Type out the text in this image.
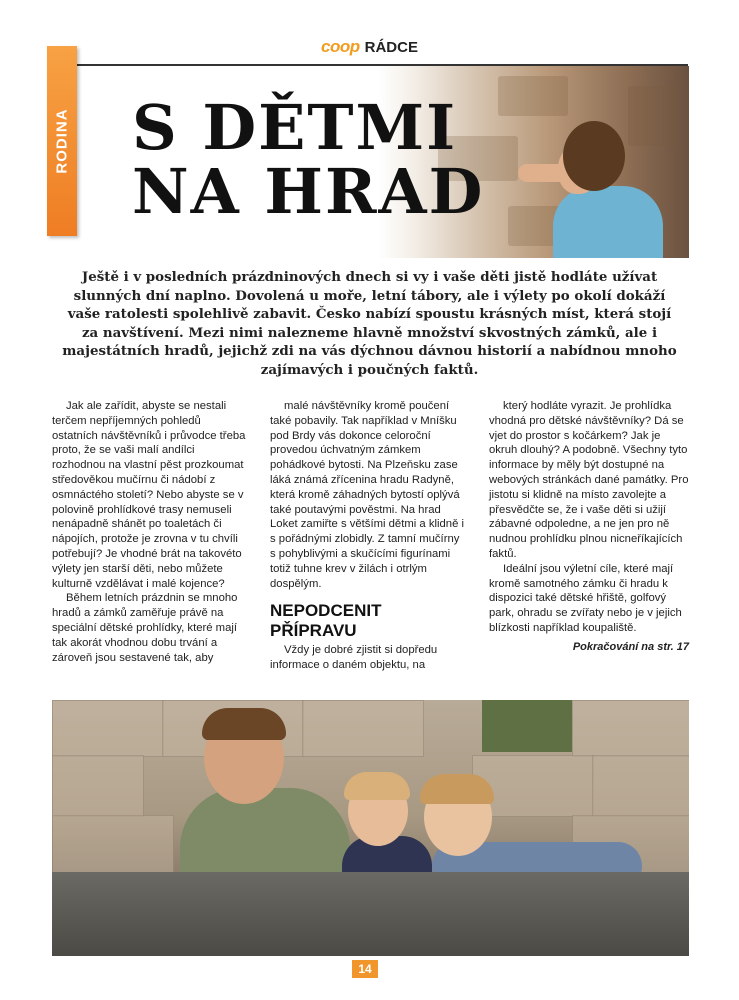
coop RÁDCE
RODINA S DĚTMI
NA HRAD

Ještě i v posledních prázdninových dnech si vy i vaše děti jistě hodláte užívat slunných dní naplno. Dovolená u moře, letní tábory, ale i výlety po okolí dokáží vaše ratolesti spolehlivě zabavit. Česko nabízí spoustu krásných míst, která stojí za navštívení. Mezi nimi nalezneme hlavně množství skvostných zámků, ale i majestátních hradů, jejichž zdi na vás dýchnou dávnou historií a nabídnou mnoho zajímavých i poučných faktů.

Jak ale zařídit, abyste se nestali terčem nepříjemných pohledů ostatních návštěvníků i průvodce třeba proto, že se vaši malí andílci rozhodnou na vlastní pěst prozkoumat středověkou mučírnu či nádobí z osmnáctého století? Nebo abyste se v polovině prohlídkové trasy nemuseli nenápadně shánět po toaletách či nápojích, protože je zrovna v tu chvíli potřebují? Je vhodné brát na takovéto výlety jen starší děti, nebo můžete kulturně vzdělávat i malé kojence?

Během letních prázdnin se mnoho hradů a zámků zaměřuje právě na speciální dětské prohlídky, které mají tak akorát vhodnou dobu trvání a zároveň jsou sestavené tak, aby

malé návštěvníky kromě poučení také pobavily. Tak například v Mníšku pod Brdy vás dokonce celoroční provedou úchvatným zámkem pohádkové bytosti. Na Plzeňsku zase láká známá zřícenina hradu Radyně, která kromě záhadných bytostí oplývá také poutavými pověstmi. Na hrad Loket zamiřte s většími dětmi a klidně i s pořádnými zlobidly. Z tamní mučírny s pohyblivými a skučícími figurínami totiž tuhne krev v žilách i otrlým dospělým.

NEPODCENIT
PŘÍPRAVU

Vždy je dobré zjistit si dopředu informace o daném objektu, na

který hodláte vyrazit. Je prohlídka vhodná pro dětské návštěvníky? Dá se vjet do prostor s kočárkem? Jak je okruh dlouhý? A podobně. Všechny tyto informace by měly být dostupné na webových stránkách dané památky. Pro jistotu si klidně na místo zavolejte a přesvědčte se, že i vaše děti si užijí zábavné odpoledne, a ne jen pro ně nudnou prohlídku plnou nicneříkajících faktů.

Ideální jsou výletní cíle, které mají kromě samotného zámku či hradu k dispozici také dětské hřiště, golfový park, ohradu se zvířaty nebo je v jejich blízkosti například koupaliště.

Pokračování na str. 17
14
